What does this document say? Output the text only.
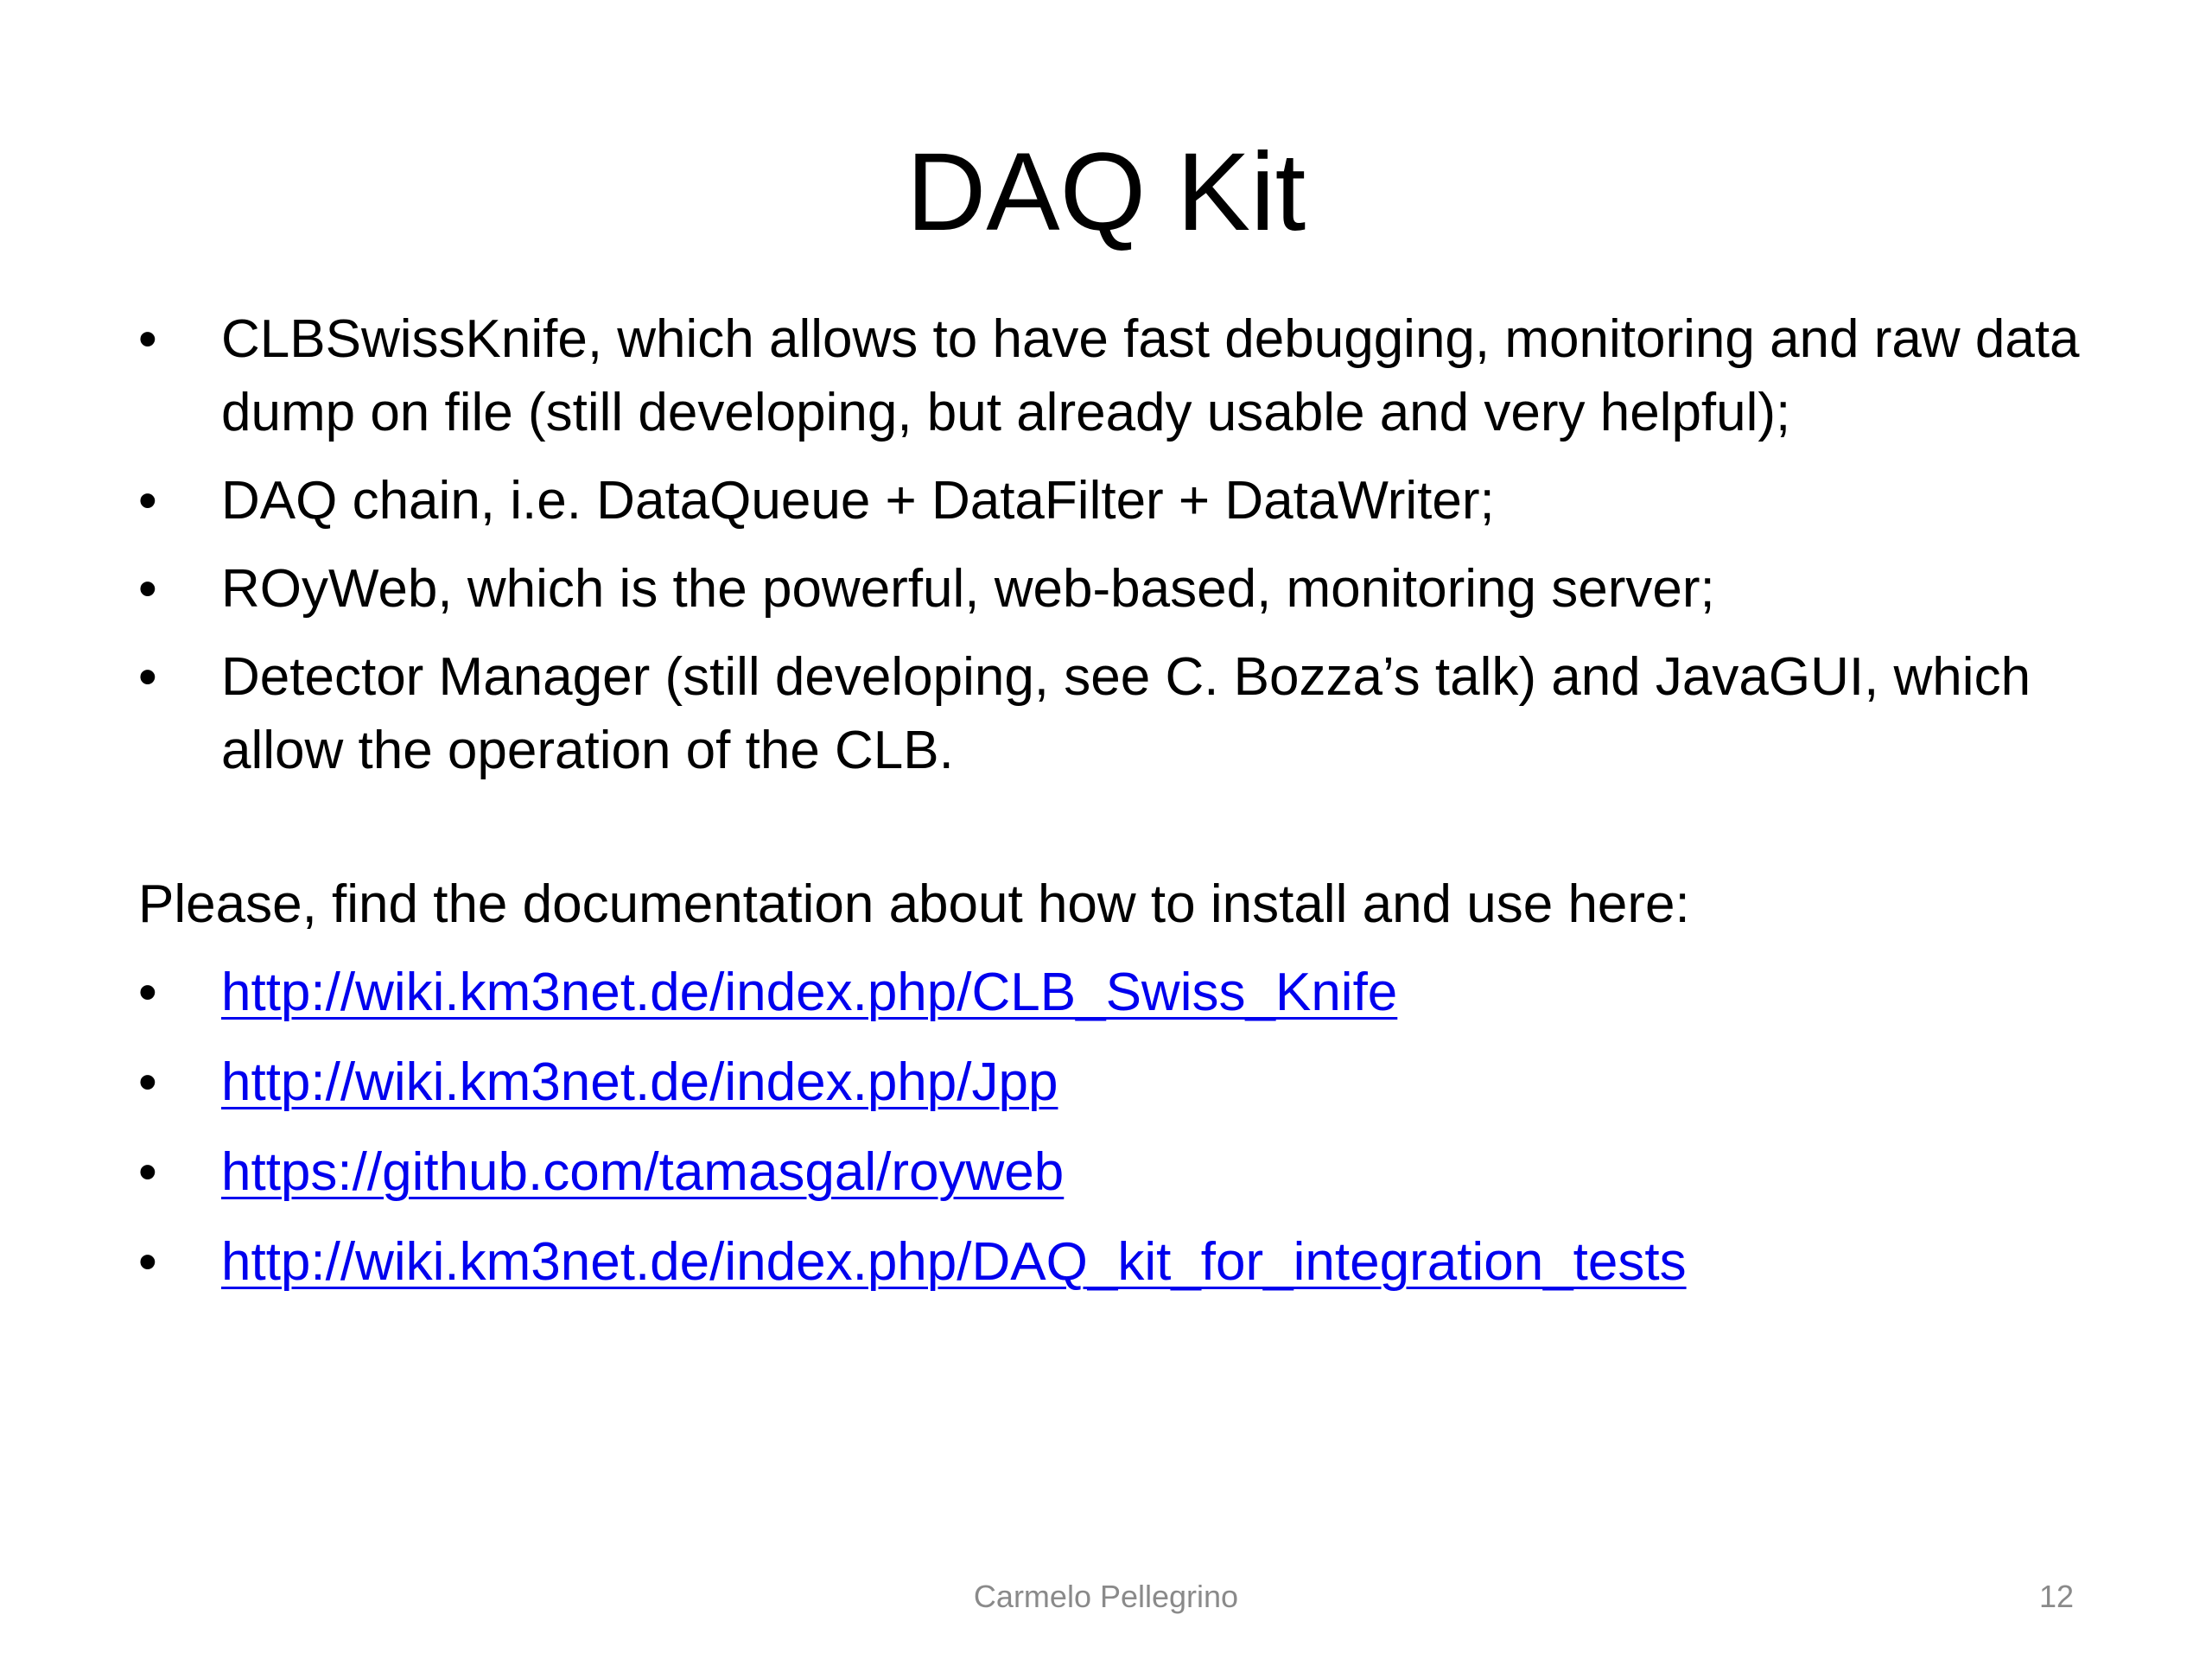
DAQ Kit
• CLBSwissKnife, which allows to have fast debugging, monitoring and raw data dump on file (still developing, but already usable and very helpful);
• DAQ chain, i.e. DataQueue + DataFilter + DataWriter;
• ROyWeb, which is the powerful, web-based, monitoring server;
• Detector Manager (still developing, see C. Bozza’s talk) and JavaGUI, which allow the operation of the CLB.

Please, find the documentation about how to install and use here:

• http://wiki.km3net.de/index.php/CLB_Swiss_Knife
• http://wiki.km3net.de/index.php/Jpp
• https://github.com/tamasgal/royweb
• http://wiki.km3net.de/index.php/DAQ_kit_for_integration_tests
Carmelo Pellegrino	12
